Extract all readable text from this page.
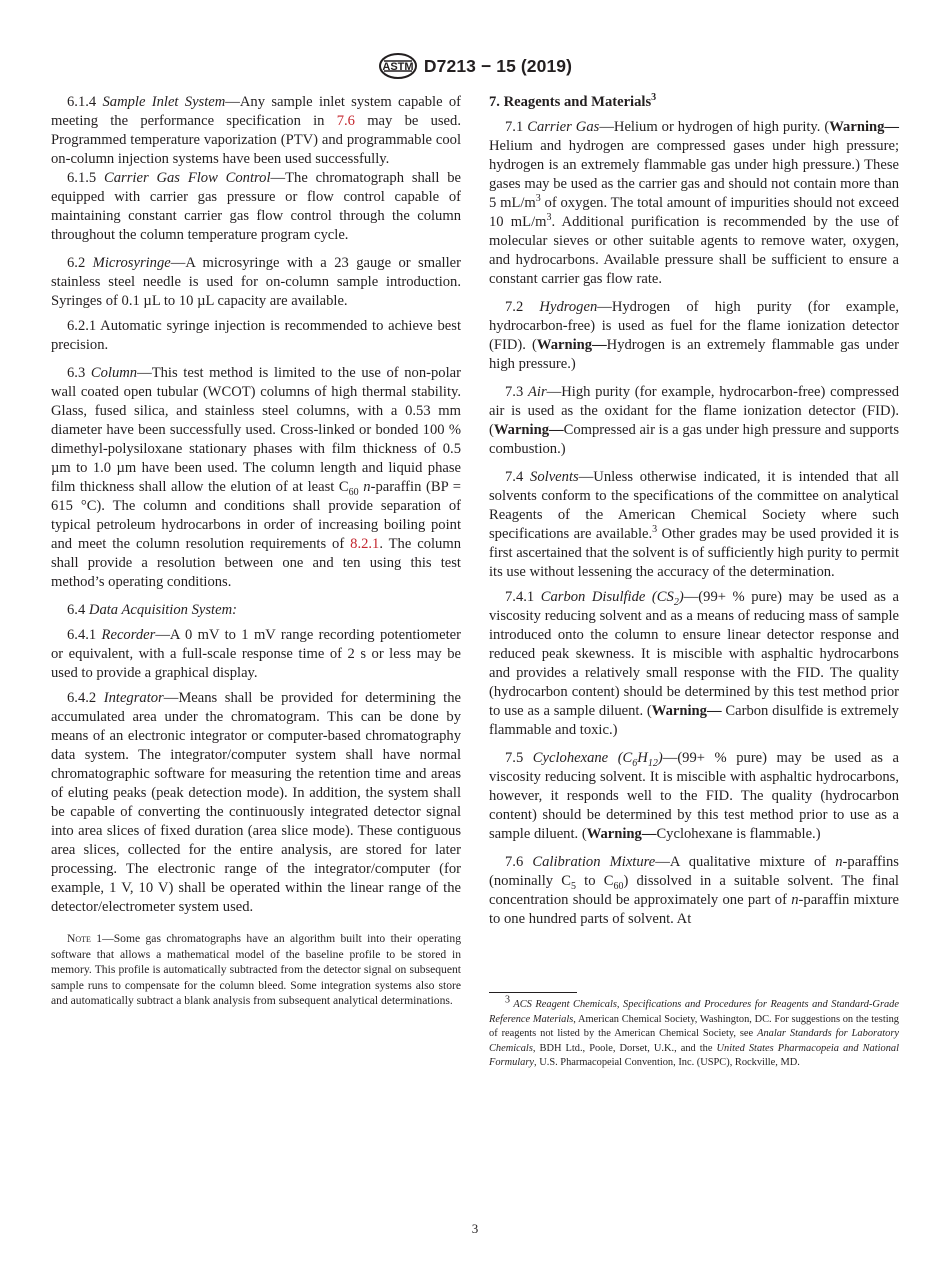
ASTM D7213 − 15 (2019)

6.1.4 Sample Inlet System—Any sample inlet system capable of meeting the performance specification in 7.6 may be used. Programmed temperature vaporization (PTV) and programmable cool on-column injection systems have been used successfully.

6.1.5 Carrier Gas Flow Control—The chromatograph shall be equipped with carrier gas pressure or flow control capable of maintaining constant carrier gas flow control through the column throughout the column temperature program cycle.

6.2 Microsyringe—A microsyringe with a 23 gauge or smaller stainless steel needle is used for on-column sample introduction. Syringes of 0.1 µL to 10 µL capacity are available.

6.2.1 Automatic syringe injection is recommended to achieve best precision.

6.3 Column—This test method is limited to the use of non-polar wall coated open tubular (WCOT) columns of high thermal stability. Glass, fused silica, and stainless steel columns, with a 0.53 mm diameter have been successfully used. Cross-linked or bonded 100 % dimethyl-polysiloxane stationary phases with film thickness of 0.5 µm to 1.0 µm have been used. The column length and liquid phase film thickness shall allow the elution of at least $C_{60}$ n-paraffin (BP = 615 °C). The column and conditions shall provide separation of typical petroleum hydrocarbons in order of increasing boiling point and meet the column resolution requirements of 8.2.1. The column shall provide a resolution between one and ten using this test method’s operating conditions.

6.4 Data Acquisition System:

6.4.1 Recorder—A 0 mV to 1 mV range recording potentiometer or equivalent, with a full-scale response time of 2 s or less may be used to provide a graphical display.

6.4.2 Integrator—Means shall be provided for determining the accumulated area under the chromatogram. This can be done by means of an electronic integrator or computer-based chromatography data system. The integrator/computer system shall have normal chromatographic software for measuring the retention time and areas of eluting peaks (peak detection mode). In addition, the system shall be capable of converting the continuously integrated detector signal into area slices of fixed duration (area slice mode). These contiguous area slices, collected for the entire analysis, are stored for later processing. The electronic range of the integrator/computer (for example, 1 V, 10 V) shall be operated within the linear range of the detector/electrometer system used.

Note 1—Some gas chromatographs have an algorithm built into their operating software that allows a mathematical model of the baseline profile to be stored in memory. This profile is automatically subtracted from the detector signal on subsequent sample runs to compensate for the column bleed. Some integration systems also store and automatically subtract a blank analysis from subsequent analytical determinations.

7. Reagents and Materials$^3$

7.1 Carrier Gas—Helium or hydrogen of high purity. (Warning—Helium and hydrogen are compressed gases under high pressure; hydrogen is an extremely flammable gas under high pressure.) These gases may be used as the carrier gas and should not contain more than 5 $mL/m^3$ of oxygen. The total amount of impurities should not exceed 10 $mL/m^3$. Additional purification is recommended by the use of molecular sieves or other suitable agents to remove water, oxygen, and hydrocarbons. Available pressure shall be sufficient to ensure a constant carrier gas flow rate.

7.2 Hydrogen—Hydrogen of high purity (for example, hydrocarbon-free) is used as fuel for the flame ionization detector (FID). (Warning—Hydrogen is an extremely flammable gas under high pressure.)

7.3 Air—High purity (for example, hydrocarbon-free) compressed air is used as the oxidant for the flame ionization detector (FID). (Warning—Compressed air is a gas under high pressure and supports combustion.)

7.4 Solvents—Unless otherwise indicated, it is intended that all solvents conform to the specifications of the committee on analytical Reagents of the American Chemical Society where such specifications are available.$^3$ Other grades may be used provided it is first ascertained that the solvent is of sufficiently high purity to permit its use without lessening the accuracy of the determination.

7.4.1 Carbon Disulfide $(CS_2)—(99+$ % pure) may be used as a viscosity reducing solvent and as a means of reducing mass of sample introduced onto the column to ensure linear detector response and reduced peak skewness. It is miscible with asphaltic hydrocarbons and provides a relatively small response with the FID. The quality (hydrocarbon content) should be determined by this test method prior to use as a sample diluent. (Warning— Carbon disulfide is extremely flammable and toxic.)

7.5 Cyclohexane $(C_6H_{12})—(99+$ % pure) may be used as a viscosity reducing solvent. It is miscible with asphaltic hydrocarbons, however, it responds well to the FID. The quality (hydrocarbon content) should be determined by this test method prior to use as a sample diluent. (Warning—Cyclohexane is flammable.)

7.6 Calibration Mixture—A qualitative mixture of n-paraffins (nominally $C_5$ to $C_{60}$) dissolved in a suitable solvent. The final concentration should be approximately one part of n-paraffin mixture to one hundred parts of solvent. At

$^3$ ACS Reagent Chemicals, Specifications and Procedures for Reagents and Standard-Grade Reference Materials, American Chemical Society, Washington, DC. For suggestions on the testing of reagents not listed by the American Chemical Society, see Analar Standards for Laboratory Chemicals, BDH Ltd., Poole, Dorset, U.K., and the United States Pharmacopeia and National Formulary, U.S. Pharmacopeial Convention, Inc. (USPC), Rockville, MD.

3
